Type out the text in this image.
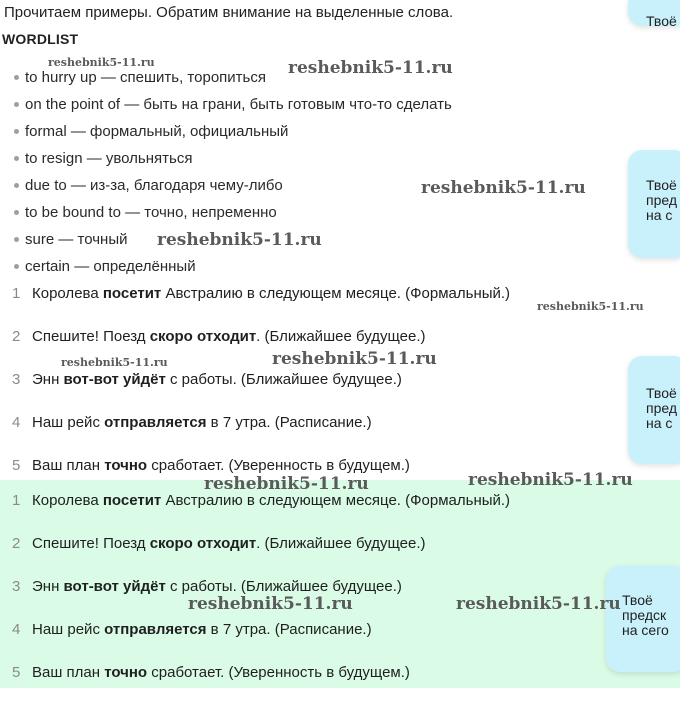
Прочитаем примеры. Обратим внимание на выделенные слова.
WORDLIST
to hurry up — спешить, торопиться
on the point of — быть на грани, быть готовым что-то сделать
formal — формальный, официальный
to resign — увольняться
due to — из-за, благодаря чему-либо
to be bound to — точно, непременно
sure — точный
certain — определённый
1 Королева посетит Австралию в следующем месяце. (Формальный.)
2 Спешите! Поезд скоро отходит. (Ближайшее будущее.)
3 Энн вот-вот уйдёт с работы. (Ближайшее будущее.)
4 Наш рейс отправляется в 7 утра. (Расписание.)
5 Ваш план точно сработает. (Уверенность в будущем.)
1 Королева посетит Австралию в следующем месяце. (Формальный.)
2 Спешите! Поезд скоро отходит. (Ближайшее будущее.)
3 Энн вот-вот уйдёт с работы. (Ближайшее будущее.)
4 Наш рейс отправляется в 7 утра. (Расписание.)
5 Ваш план точно сработает. (Уверенность в будущем.)
Твоё
Твоё
пред
на с
Твоё
пред
на с
Твоё
предск
на сего
reshebnik5-11.ru	reshebnik5-11.ru
reshebnik5-11.ru
reshebnik5-11.ru
reshebnik5-11.ru
reshebnik5-11.ru	reshebnik5-11.ru
reshebnik5-11.ru
reshebnik5-11.ru
reshebnik5-11.ru	reshebnik5-11.ru
